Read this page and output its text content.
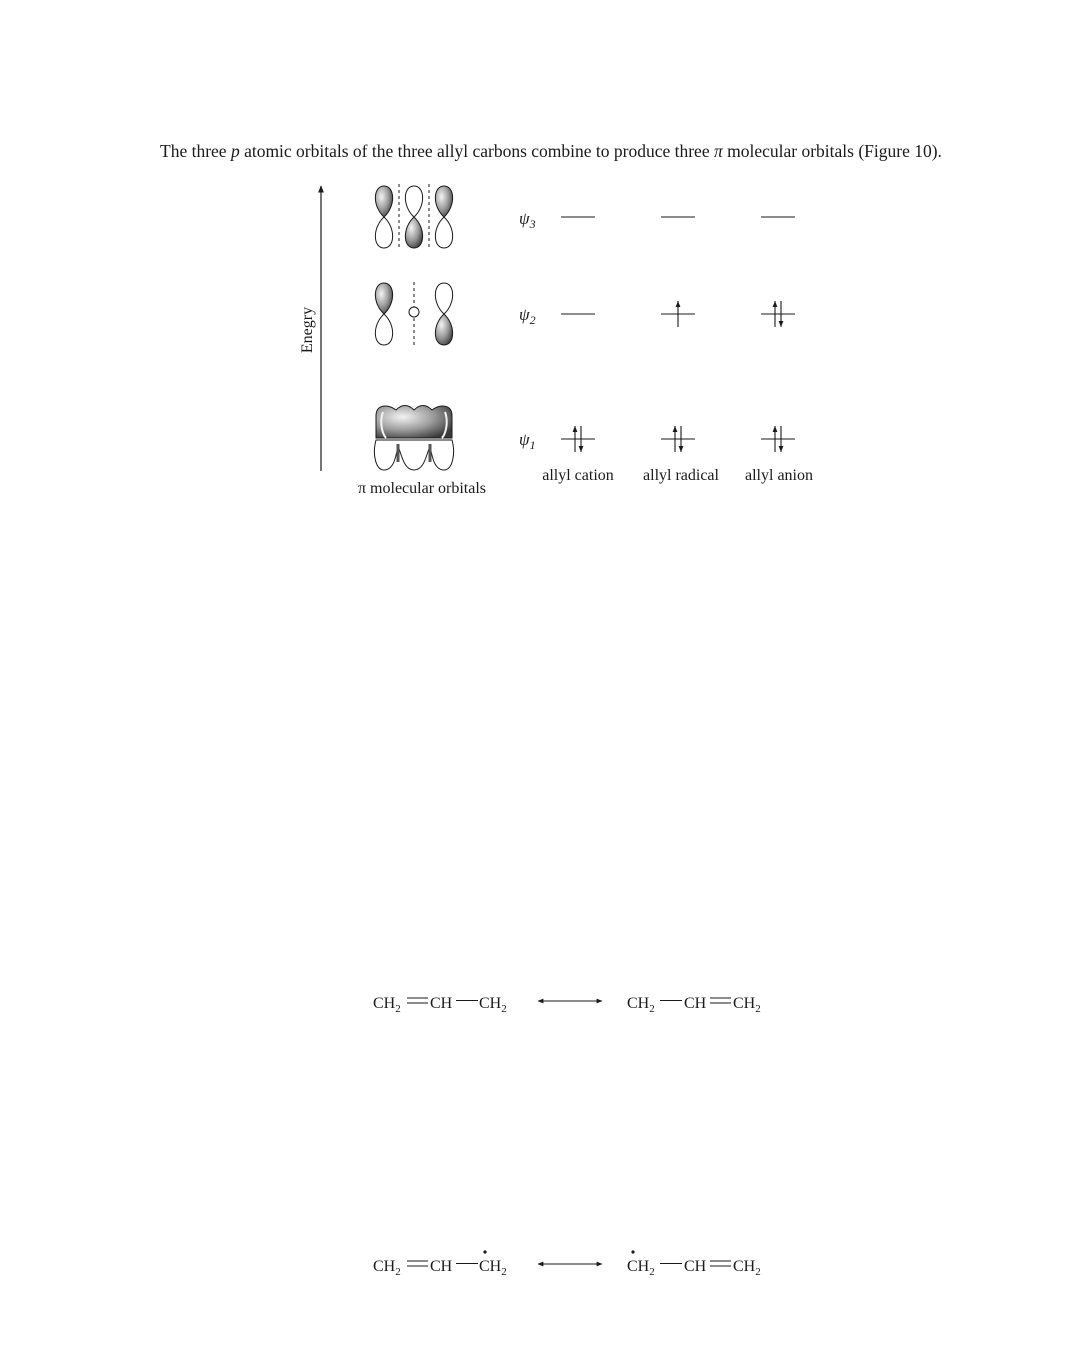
The three p atomic orbitals of the three allyl carbons combine to produce three π molecular orbitals (Figure 10).

Enegry
π molecular orbitals
$\psi_3$
$\psi_2$
$\psi_1$
allyl cation allyl radical allyl anion
$CH_2$ CH $CH_2$	$CH_2$ CH $CH_2$
$CH_2$ CH $CH_2$	$CH_2$ CH $CH_2$
